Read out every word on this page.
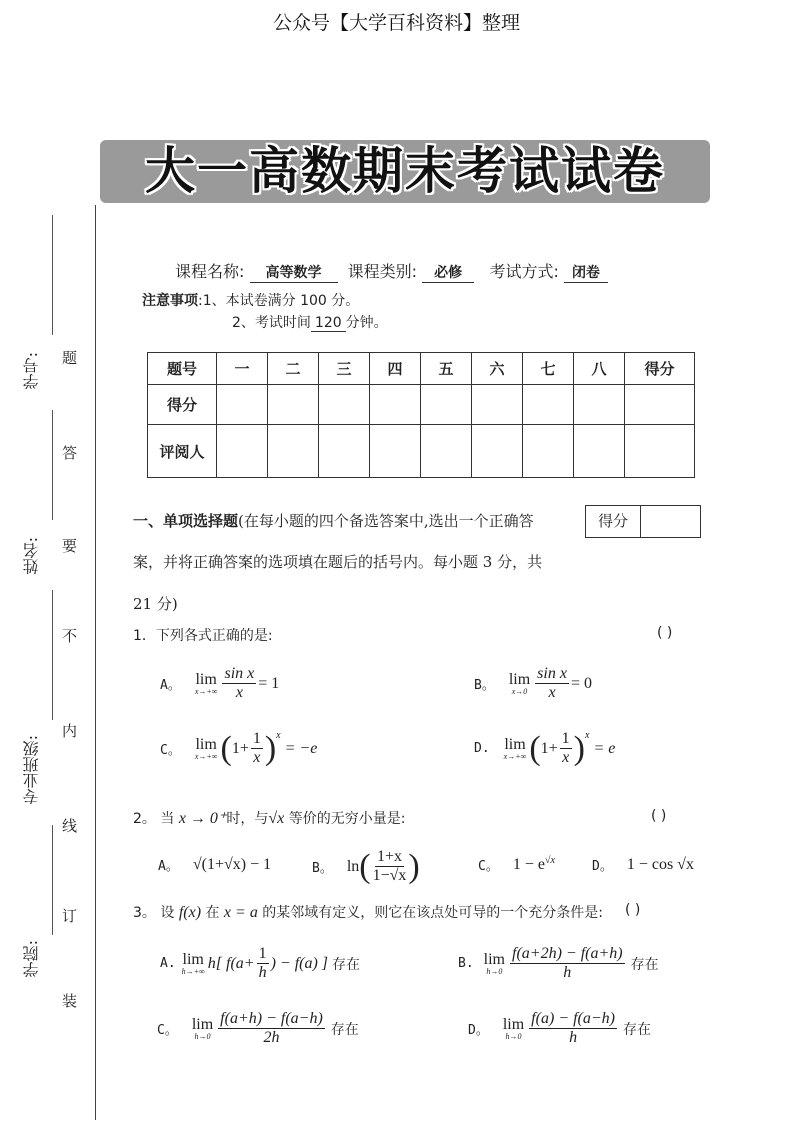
公众号【大学百科资料】整理
大一高数期末考试试卷
学号:
姓名:
专业班级:
学院:
题
答
要
不
内
线
订
装
课程名称: 高等数学 课程类别: 必修 考试方式: 闭卷
注意事项:1、本试卷满分 100 分。
2、考试时间 120 分钟。
题号	一	二	三	四	五	六	七	八	得分
得分									
评阅人									
一、单项选择题(在每小题的四个备选答案中,选出一个正确答
案，并将正确答案的选项填在题后的括号内。每小题 3 分，共
21 分)
得分
1．下列各式正确的是:	( )
A。 lim
$x\to+\infty \frac{\text{sin x}}{x} = 1$	B。 lim
$x\to 0 \frac{\text{sin x}}{x} = 0$
C。 lim
x→+∞ ( $1+ \frac{1}{x} )^x$
= −e	D. lim
x→+∞ ( $1+ \frac{1}{x} )^x$
= e
2。 当 x → 0⁺时，与√x 等价的无穷小量是:	( )
A。 √(1+√x) − 1	B。 ln ( $\frac{1+x}{1-√x}$ )	C。 $1 - e^{√x}$	D。 1 − cos √x
3。 设 f(x) 在 x = a 的某邻域有定义，则它在该点处可导的一个充分条件是: ( )
A. lim
h→+∞ h[ $f(a+ \frac{1}{h}$ ) − f(a) ] 存在	B. lim
$h\to 0 \frac{f(a+2h) - f(a+h)}{h}$ 存在
C。 lim
$h\to 0 \frac{f(a+h) - f(a-h)}{2h}$ 存在	D。 lim
$h\to 0 \frac{f(a) - f(a-h)}{h}$ 存在
